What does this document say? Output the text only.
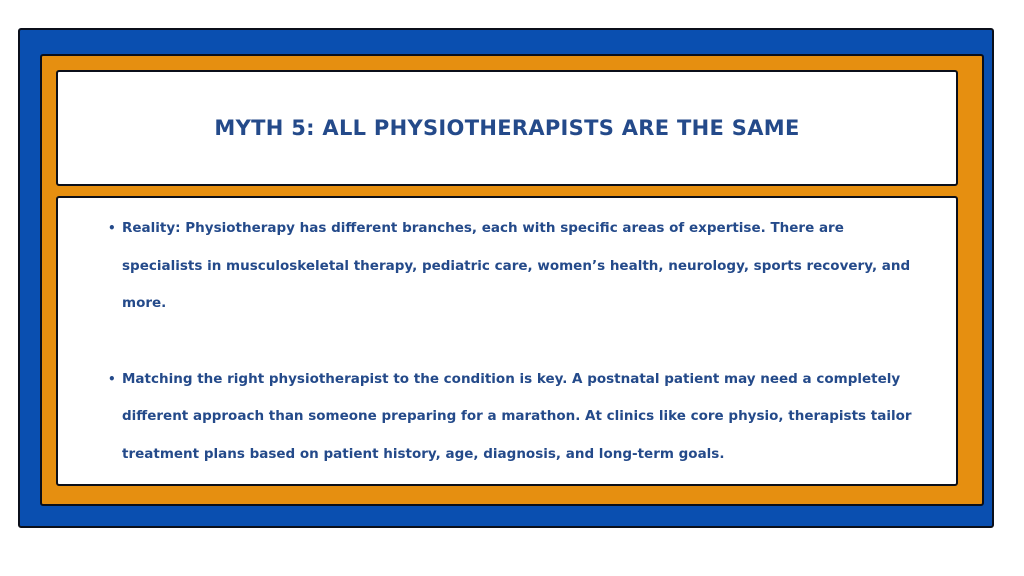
MYTH 5: ALL PHYSIOTHERAPISTS ARE THE SAME
• Reality: Physiotherapy has different branches, each with specific areas of expertise. There are specialists in musculoskeletal therapy, pediatric care, women’s health, neurology, sports recovery, and more.
• Matching the right physiotherapist to the condition is key. A postnatal patient may need a completely different approach than someone preparing for a marathon. At clinics like core physio, therapists tailor treatment plans based on patient history, age, diagnosis, and long-term goals.
